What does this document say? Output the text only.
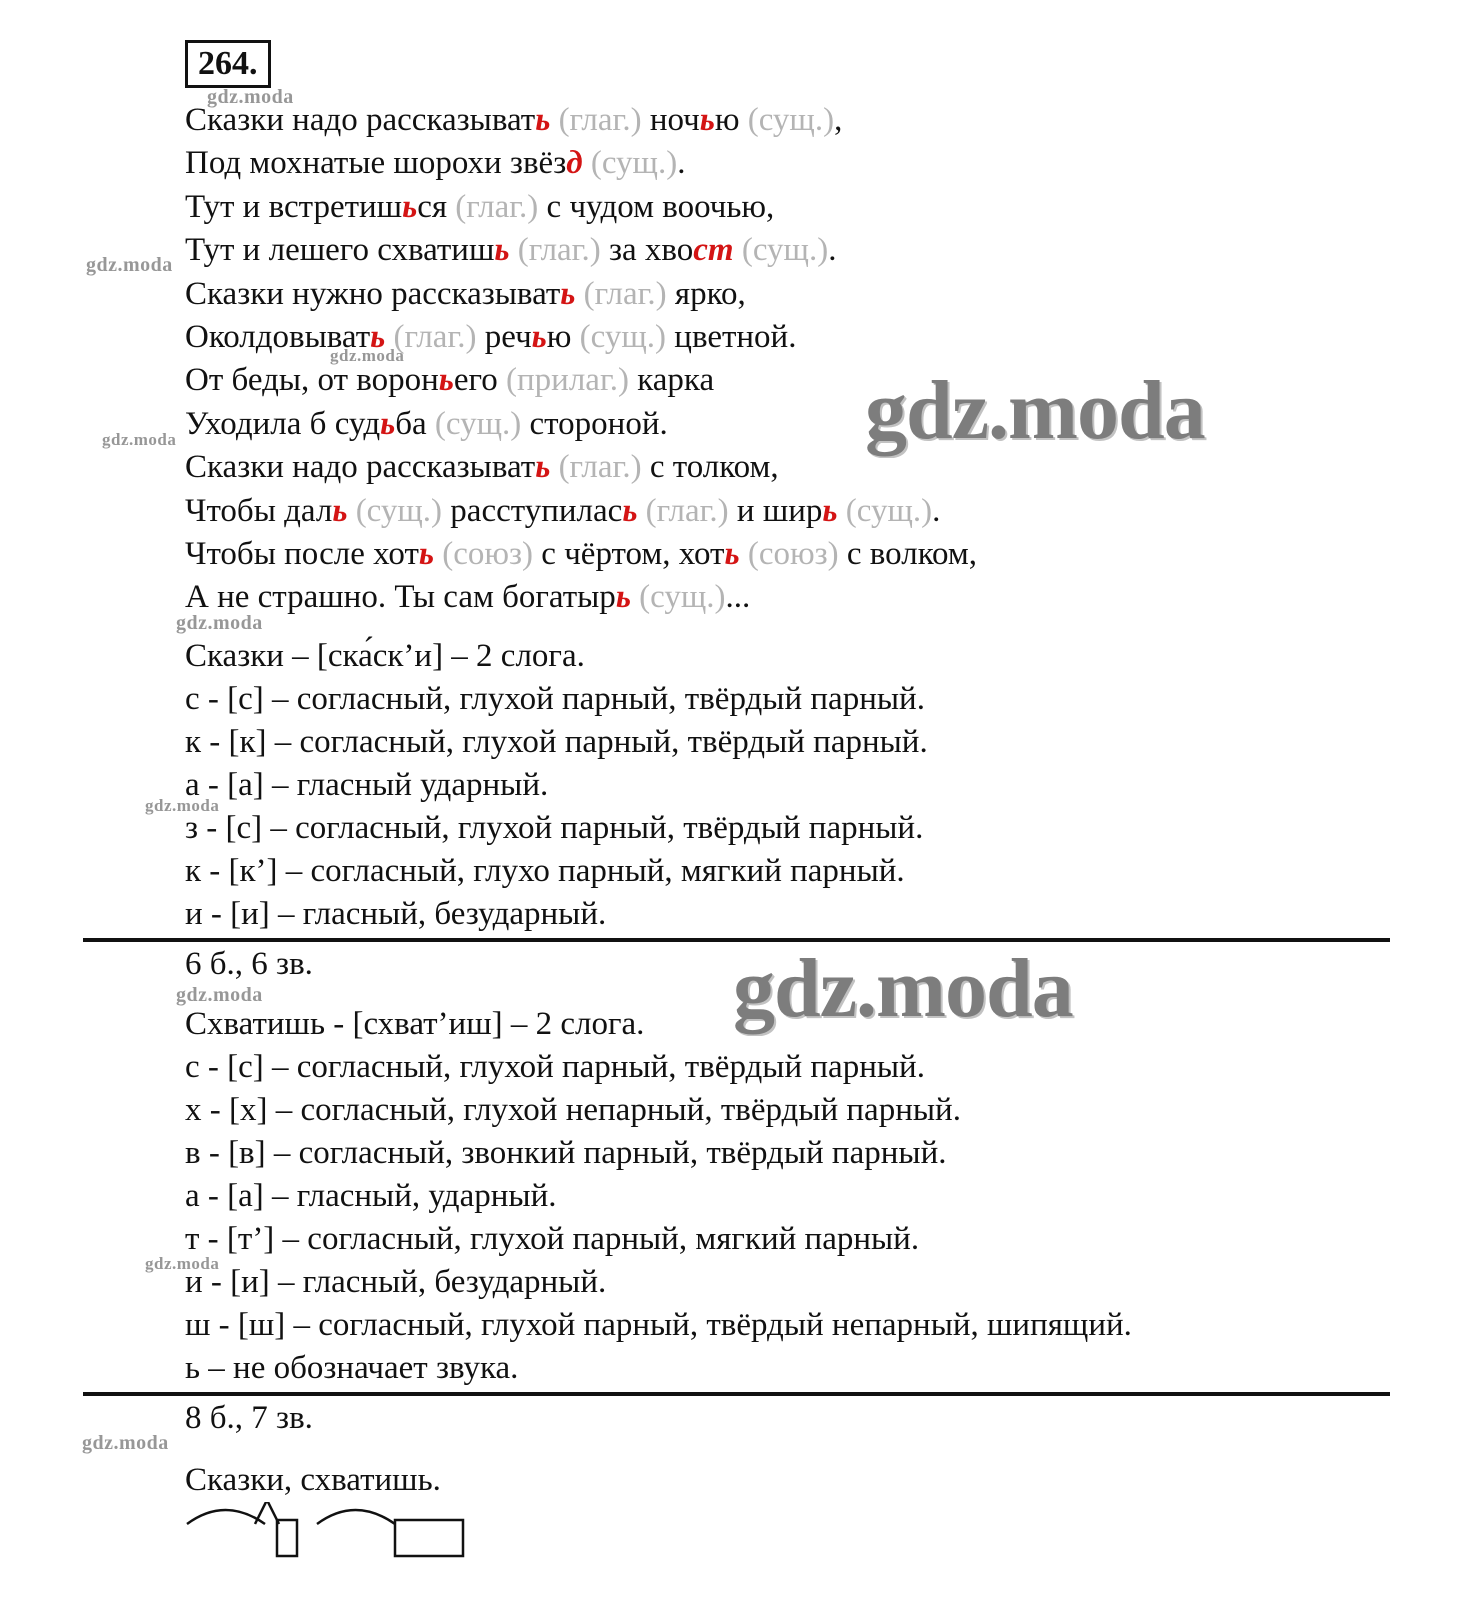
264.
Сказки надо рассказывать (глаг.) ночью (сущ.),
Под мохнатые шорохи звёзд (сущ.).
Тут и встретишься (глаг.) с чудом воочью,
Тут и лешего схватишь (глаг.) за хвост (сущ.).
Сказки нужно рассказывать (глаг.) ярко,
Околдовывать (глаг.) речью (сущ.) цветной.
От беды, от вороньего (прилаг.) карка
Уходила б судьба (сущ.) стороной.
Сказки надо рассказывать (глаг.) с толком,
Чтобы даль (сущ.) расступилась (глаг.) и ширь (сущ.).
Чтобы после хоть (союз) с чёртом, хоть (союз) с волком,
А не страшно. Ты сам богатырь (сущ.)...
Сказки – [ска́ск’и] – 2 слога.
с - [с] – согласный, глухой парный, твёрдый парный.
к - [к] – согласный, глухой парный, твёрдый парный.
а - [а] – гласный ударный.
з - [с] – согласный, глухой парный, твёрдый парный.
к - [к’] – согласный, глухо парный, мягкий парный.
и - [и] – гласный, безударный.
6 б., 6 зв.
Схватишь - [схват’иш] – 2 слога.
с - [с] – согласный, глухой парный, твёрдый парный.
х - [х] – согласный, глухой непарный, твёрдый парный.
в - [в] – согласный, звонкий парный, твёрдый парный.
а - [а] – гласный, ударный.
т - [т’] – согласный, глухой парный, мягкий парный.
и - [и] – гласный, безударный.
ш - [ш] – согласный, глухой парный, твёрдый непарный, шипящий.
ь – не обозначает звука.
8 б., 7 зв.
Сказки, схватишь.
gdz.moda
gdz.moda
gdz.moda
gdz.moda
gdz.moda
gdz.moda
gdz.moda
gdz.moda
gdz.moda
gdz.moda
gdz.moda
